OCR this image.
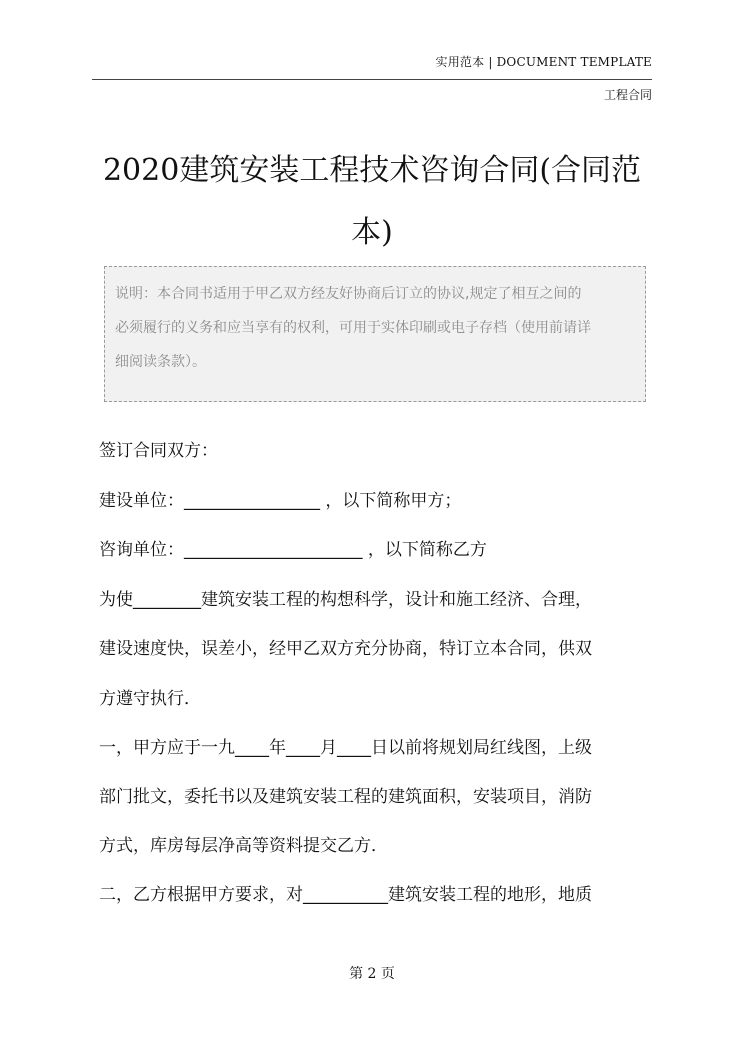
实用范本 | DOCUMENT TEMPLATE
工程合同
2020建筑安装工程技术咨询合同(合同范
本)
说明：本合同书适用于甲乙双方经友好协商后订立的协议,规定了相互之间的
必须履行的义务和应当享有的权利，可用于实体印刷或电子存档（使用前请详
细阅读条款）。
签订合同双方：
建设单位：________________ ，以下简称甲方；
咨询单位：_____________________ ，以下简称乙方
为使________建筑安装工程的构想科学，设计和施工经济、合理，
建设速度快，误差小，经甲乙双方充分协商，特订立本合同，供双
方遵守执行．
一，甲方应于一九____年____月____日以前将规划局红线图，上级
部门批文，委托书以及建筑安装工程的建筑面积，安装项目，消防
方式，库房每层净高等资料提交乙方．
二，乙方根据甲方要求，对__________建筑安装工程的地形，地质
第 2 页
